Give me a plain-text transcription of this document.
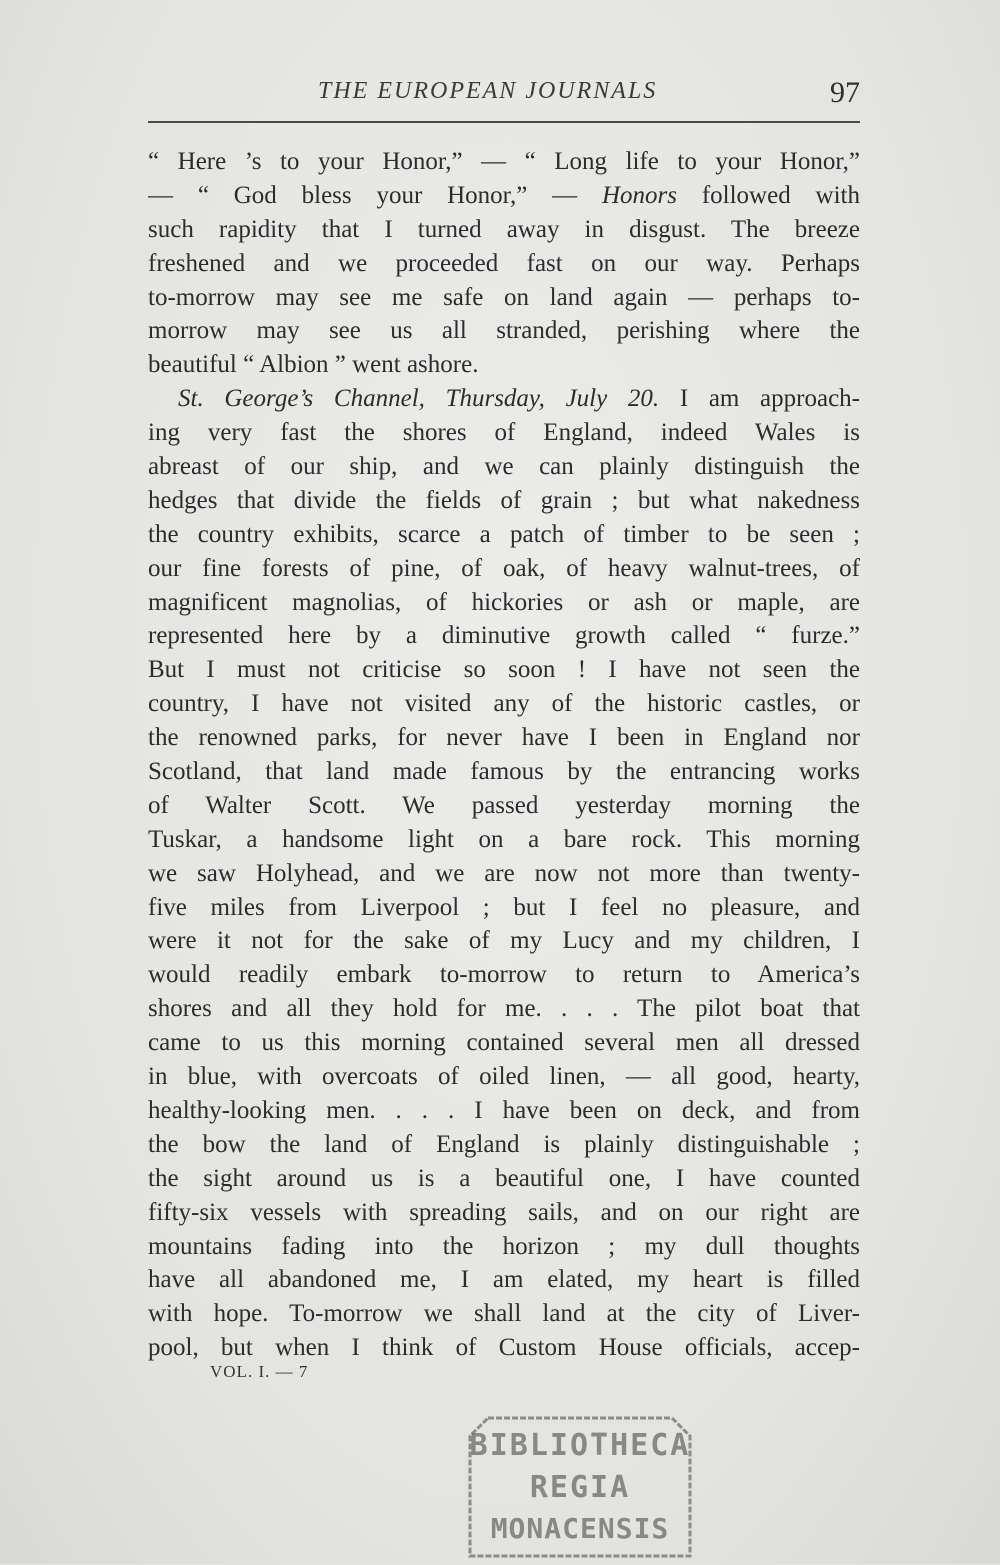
THE EUROPEAN JOURNALS	97
“ Here ’s to your Honor,” — “ Long life to your Honor,”
— “ God bless your Honor,” — Honors followed with
such rapidity that I turned away in disgust. The breeze
freshened and we proceeded fast on our way. Perhaps
to-morrow may see me safe on land again — perhaps to-
morrow may see us all stranded, perishing where the
beautiful “ Albion ” went ashore.
St. George’s Channel, Thursday, July 20. I am approach-
ing very fast the shores of England, indeed Wales is
abreast of our ship, and we can plainly distinguish the
hedges that divide the fields of grain ; but what nakedness
the country exhibits, scarce a patch of timber to be seen ;
our fine forests of pine, of oak, of heavy walnut-trees, of
magnificent magnolias, of hickories or ash or maple, are
represented here by a diminutive growth called “ furze.”
But I must not criticise so soon ! I have not seen the
country, I have not visited any of the historic castles, or
the renowned parks, for never have I been in England nor
Scotland, that land made famous by the entrancing works
of Walter Scott. We passed yesterday morning the
Tuskar, a handsome light on a bare rock. This morning
we saw Holyhead, and we are now not more than twenty-
five miles from Liverpool ; but I feel no pleasure, and
were it not for the sake of my Lucy and my children, I
would readily embark to-morrow to return to America’s
shores and all they hold for me. . . . The pilot boat that
came to us this morning contained several men all dressed
in blue, with overcoats of oiled linen, — all good, hearty,
healthy-looking men. . . . I have been on deck, and from
the bow the land of England is plainly distinguishable ;
the sight around us is a beautiful one, I have counted
fifty-six vessels with spreading sails, and on our right are
mountains fading into the horizon ; my dull thoughts
have all abandoned me, I am elated, my heart is filled
with hope. To-morrow we shall land at the city of Liver-
pool, but when I think of Custom House officials, accep-
VOL. I. — 7
BIBLIOTHECA
REGIA
MONACENSIS
